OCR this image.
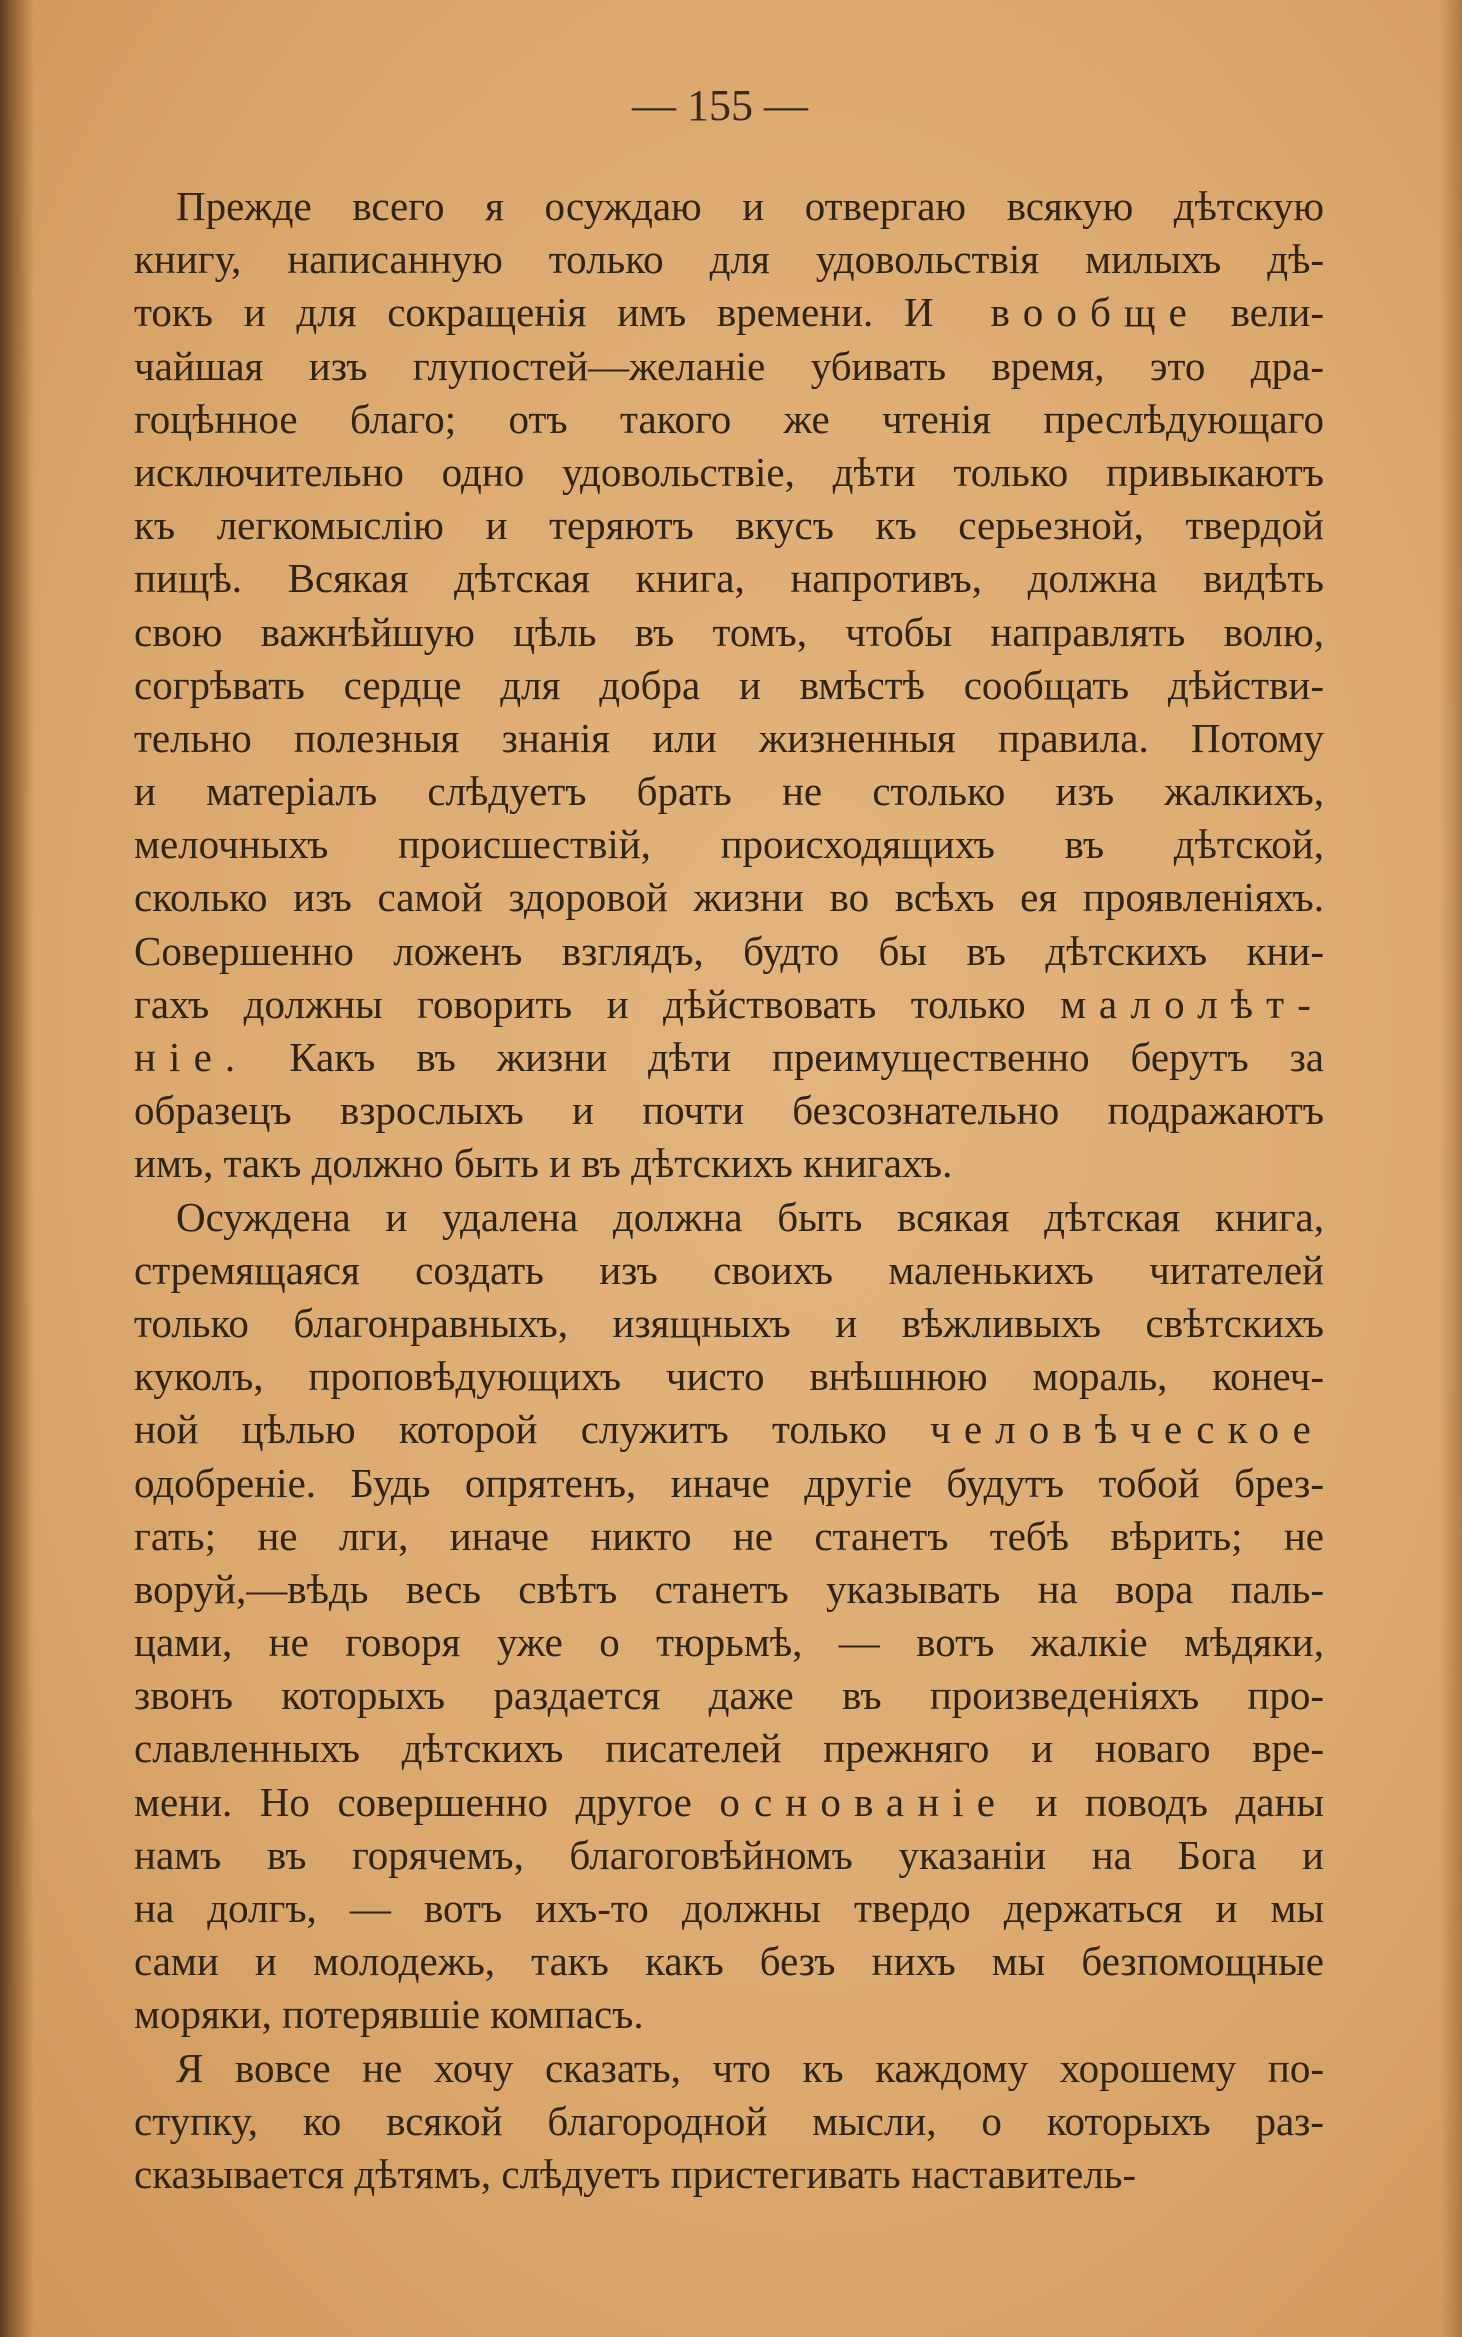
— 155 —
Прежде всего я осуждаю и отвергаю всякую дѣтскую
книгу, написанную только для удовольствія милыхъ дѣ-
токъ и для сокращенія имъ времени. И вообще вели-
чайшая изъ глупостей—желаніе убивать время, это дра-
гоцѣнное благо; отъ такого же чтенія преслѣдующаго
исключительно одно удовольствіе, дѣти только привыкаютъ
къ легкомыслію и теряютъ вкусъ къ серьезной, твердой
пищѣ. Всякая дѣтская книга, напротивъ, должна видѣть
свою важнѣйшую цѣль въ томъ, чтобы направлять волю,
согрѣвать сердце для добра и вмѣстѣ сообщать дѣйстви-
тельно полезныя знанія или жизненныя правила. Потому
и матеріалъ слѣдуетъ брать не столько изъ жалкихъ,
мелочныхъ происшествій, происходящихъ въ дѣтской,
сколько изъ самой здоровой жизни во всѣхъ ея проявленіяхъ.
Совершенно ложенъ взглядъ, будто бы въ дѣтскихъ кни-
гахъ должны говорить и дѣйствовать только малолѣт-
ніе. Какъ въ жизни дѣти преимущественно берутъ за
образецъ взрослыхъ и почти безсознательно подражаютъ
имъ, такъ должно быть и въ дѣтскихъ книгахъ.
Осуждена и удалена должна быть всякая дѣтская книга,
стремящаяся создать изъ своихъ маленькихъ читателей
только благонравныхъ, изящныхъ и вѣжливыхъ свѣтскихъ
куколъ, проповѣдующихъ чисто внѣшнюю мораль, конеч-
ной цѣлью которой служитъ только человѣческое
одобреніе. Будь опрятенъ, иначе другіе будутъ тобой брез-
гать; не лги, иначе никто не станетъ тебѣ вѣрить; не
воруй,—вѣдь весь свѣтъ станетъ указывать на вора паль-
цами, не говоря уже о тюрьмѣ, — вотъ жалкіе мѣдяки,
звонъ которыхъ раздается даже въ произведеніяхъ про-
славленныхъ дѣтскихъ писателей прежняго и новаго вре-
мени. Но совершенно другое основаніе и поводъ даны
намъ въ горячемъ, благоговѣйномъ указаніи на Бога и
на долгъ, — вотъ ихъ-то должны твердо держаться и мы
сами и молодежь, такъ какъ безъ нихъ мы безпомощные
моряки, потерявшіе компасъ.
Я вовсе не хочу сказать, что къ каждому хорошему по-
ступку, ко всякой благородной мысли, о которыхъ раз-
сказывается дѣтямъ, слѣдуетъ пристегивать наставитель-
